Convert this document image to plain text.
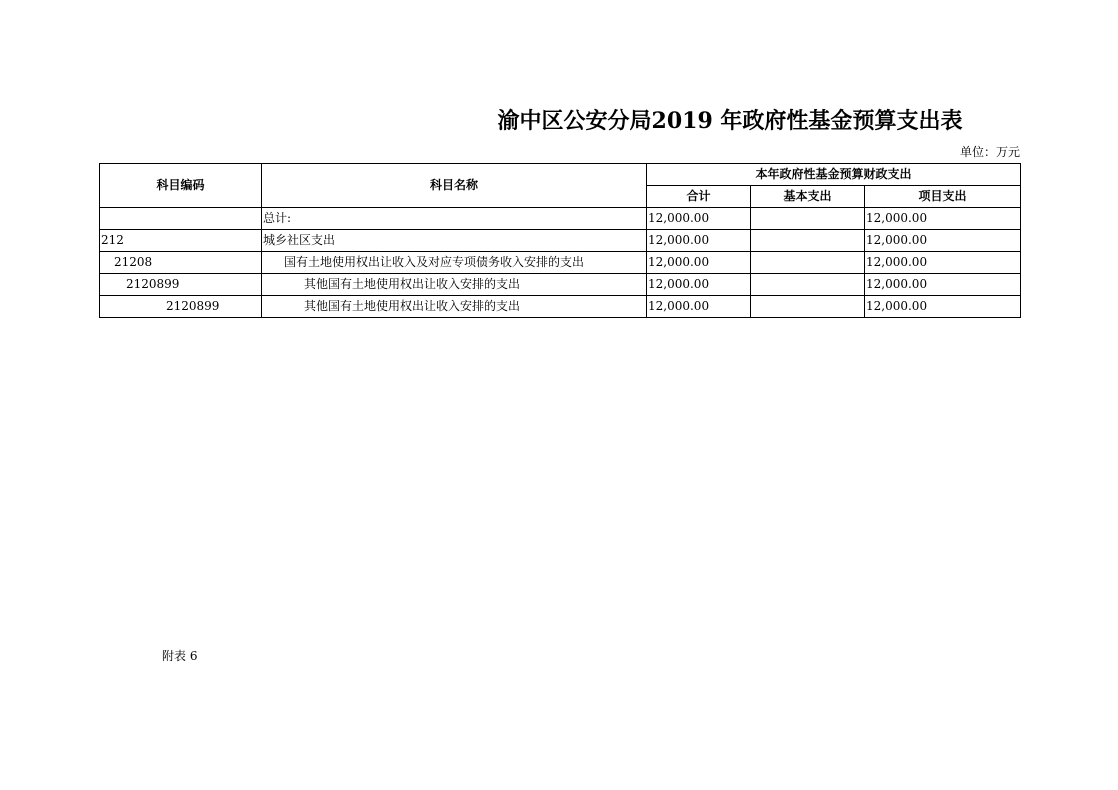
渝中区公安分局2019 年政府性基金预算支出表
单位：万元
科目编码	科目名称	本年政府性基金预算财政支出		
		合计	基本支出	项目支出
	总计:	12,000.00		12,000.00
212	城乡社区支出	12,000.00		12,000.00
21208	国有土地使用权出让收入及对应专项债务收入安排的支出	12,000.00		12,000.00
2120899	其他国有土地使用权出让收入安排的支出	12,000.00		12,000.00
2120899	其他国有土地使用权出让收入安排的支出	12,000.00		12,000.00
附表 6
